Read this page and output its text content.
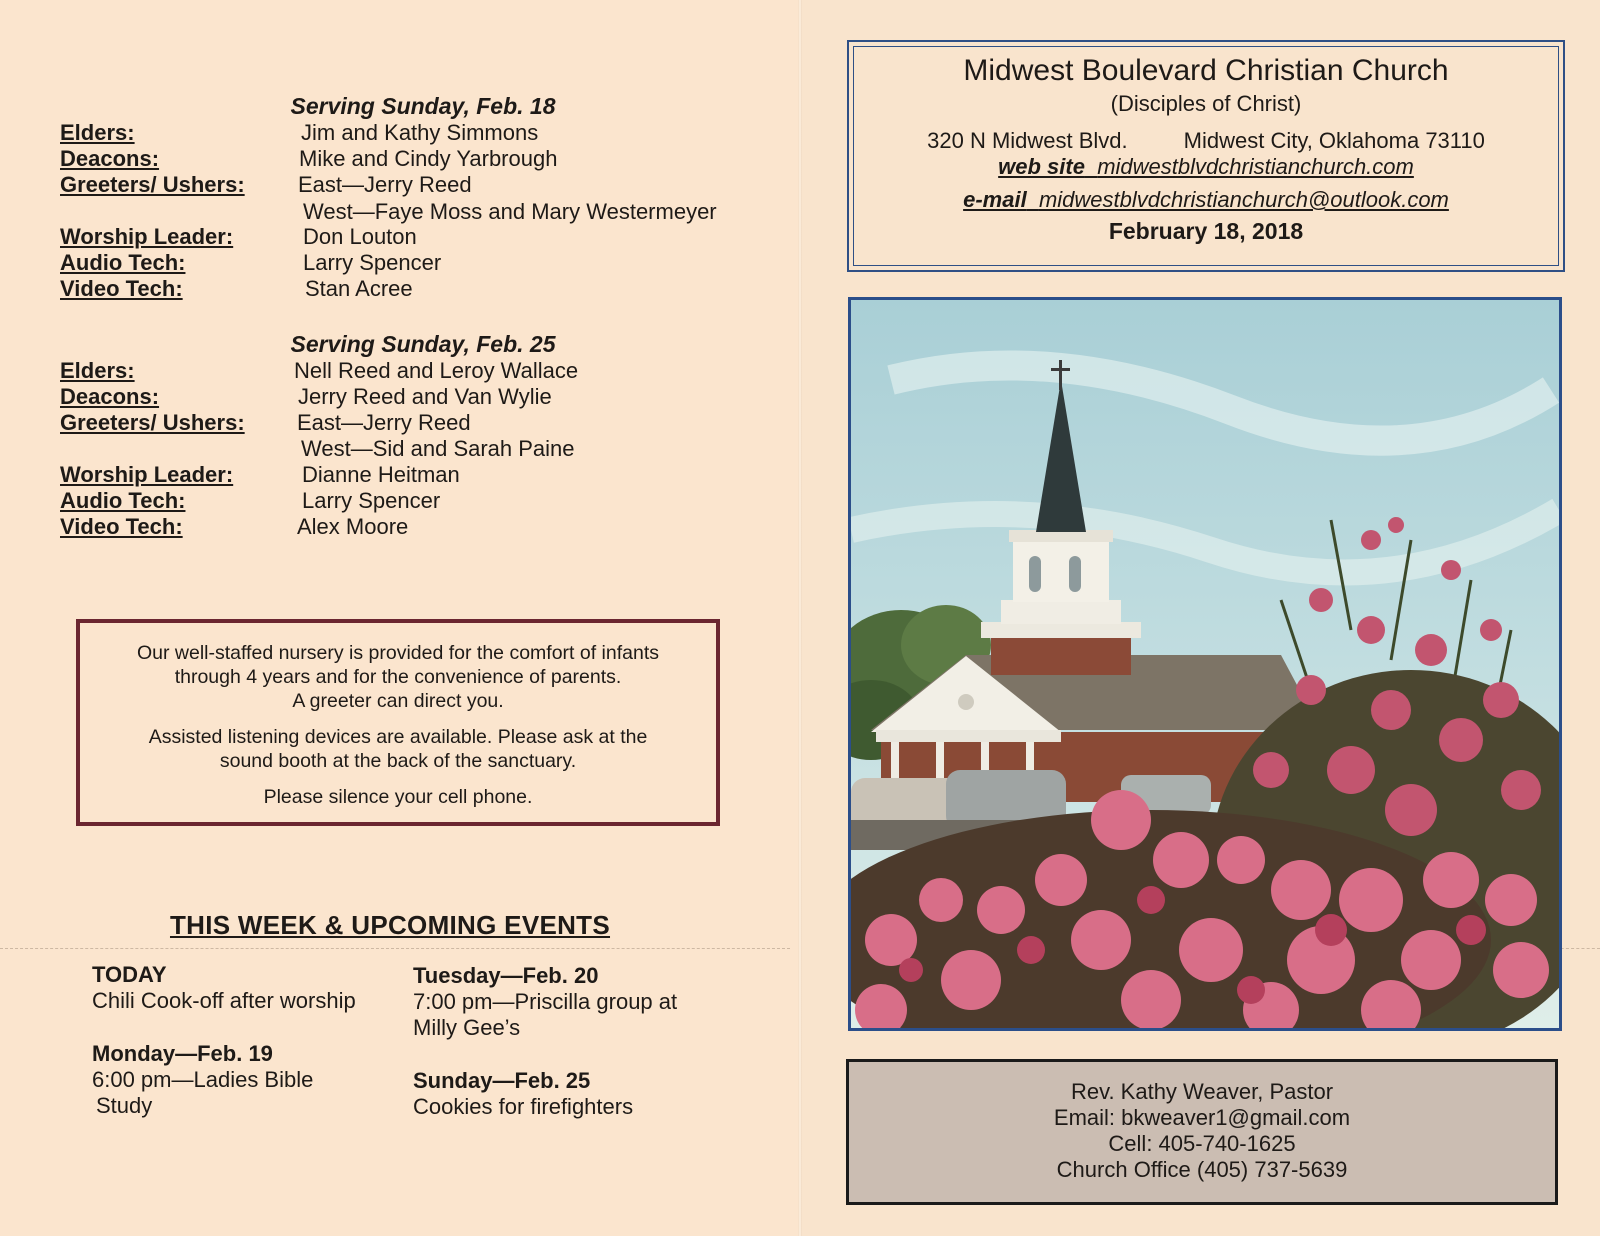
Serving Sunday, Feb. 18
Elders:	Jim and Kathy Simmons
Deacons:	Mike and Cindy Yarbrough
Greeters/ Ushers: East—Jerry Reed
West—Faye Moss and Mary Westermeyer
Worship Leader:	Don Louton
Audio Tech:	Larry Spencer
Video Tech:	Stan Acree
Serving Sunday, Feb. 25
Elders:	Nell Reed and Leroy Wallace
Deacons:	Jerry Reed and Van Wylie
Greeters/ Ushers: East—Jerry Reed
West—Sid and Sarah Paine
Worship Leader:	Dianne Heitman
Audio Tech:	Larry Spencer
Video Tech:	Alex Moore

Our well-staffed nursery is provided for the comfort of infants

through 4 years and for the convenience of parents.

A greeter can direct you.

Assisted listening devices are available. Please ask at the

sound booth at the back of the sanctuary.

Please silence your cell phone.

THIS WEEK & UPCOMING EVENTS
TODAY
Chili Cook-off after worship
Monday—Feb. 19
6:00 pm—Ladies Bible
Study
Tuesday—Feb. 20
7:00 pm—Priscilla group at
Milly Gee’s
Sunday—Feb. 25
Cookies for firefighters
Midwest Boulevard Christian Church
(Disciples of Christ)
320 N Midwest Blvd.	Midwest City, Oklahoma 73110
web site midwestblvdchristianchurch.com
e-mail midwestblvdchristianchurch@outlook.com
February 18, 2018
Rev. Kathy Weaver, Pastor
Email: bkweaver1@gmail.com
Cell: 405-740-1625
Church Office (405) 737-5639
